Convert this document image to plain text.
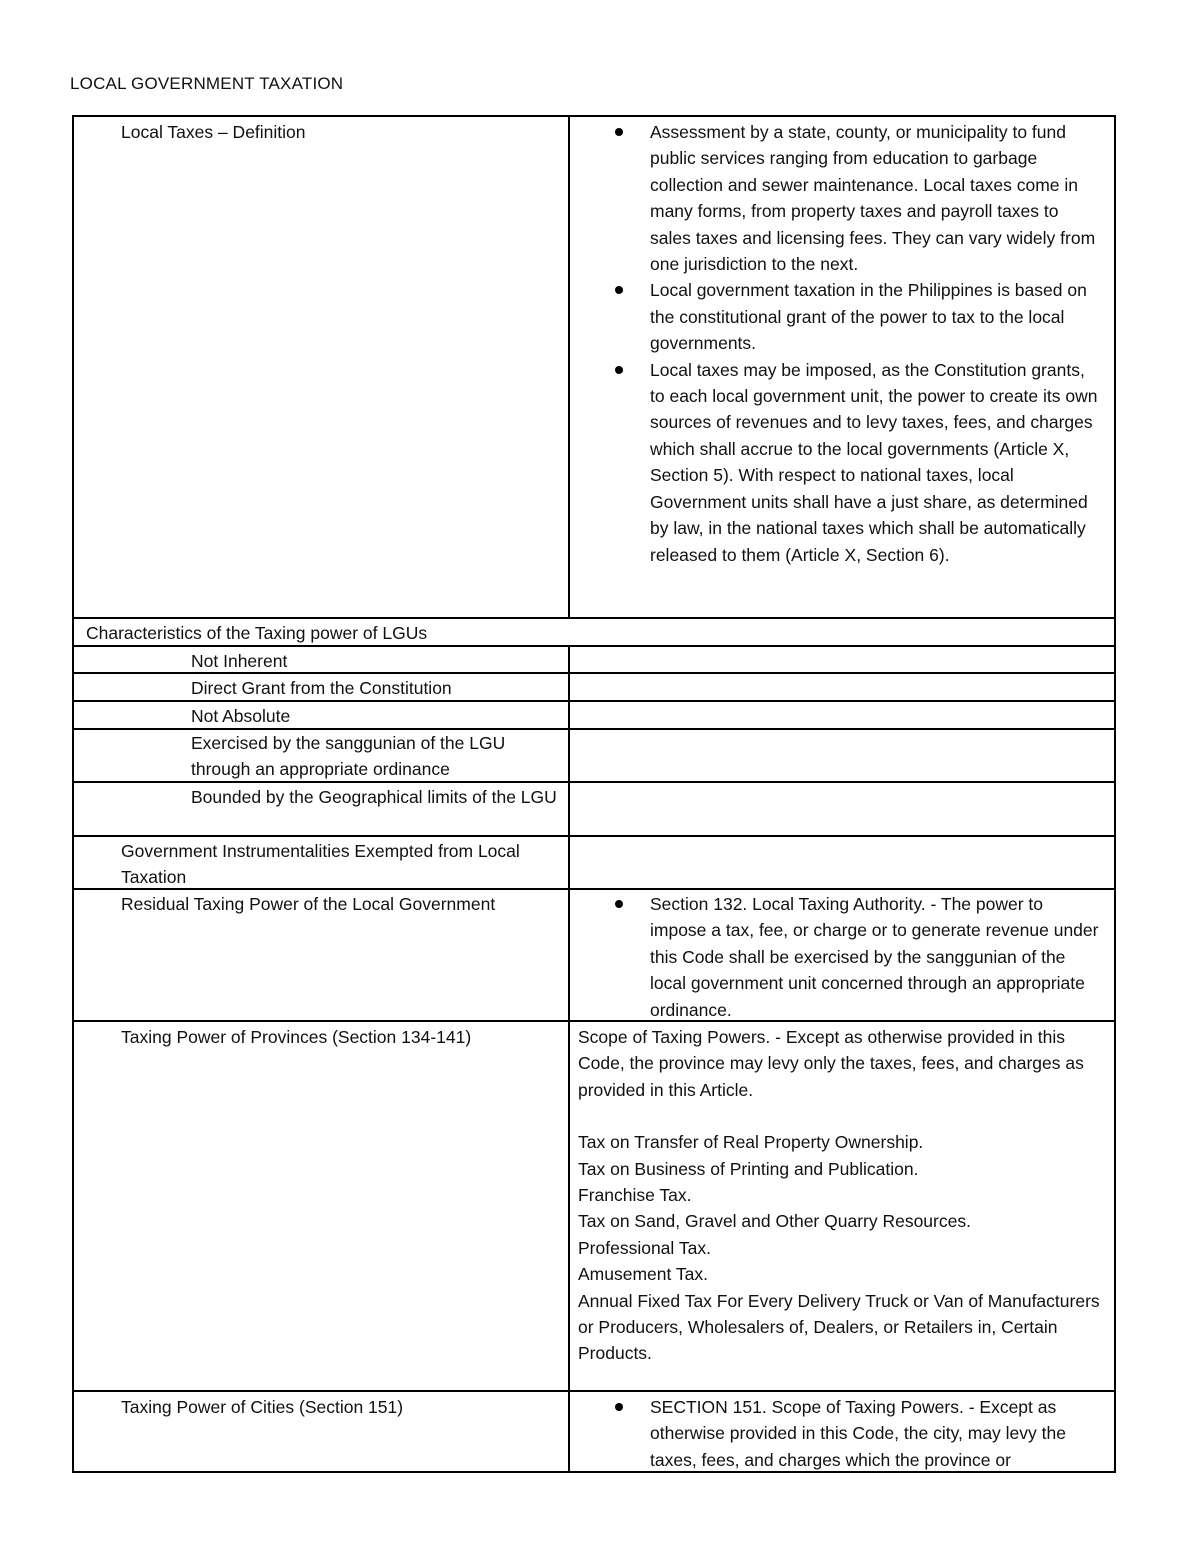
LOCAL GOVERNMENT TAXATION
Local Taxes – Definition	Assessment by a state, county, or municipality to fund public services ranging from education to garbage collection and sewer maintenance. Local taxes come in many forms, from property taxes and payroll taxes to sales taxes and licensing fees. They can vary widely from one jurisdiction to the next.
Local government taxation in the Philippines is based on the constitutional grant of the power to tax to the local governments.
Local taxes may be imposed, as the Constitution grants, to each local government unit, the power to create its own sources of revenues and to levy taxes, fees, and charges which shall accrue to the local governments (Article X, Section 5). With respect to national taxes, local Government units shall have a just share, as determined by law, in the national taxes which shall be automatically released to them (Article X, Section 6).
Characteristics of the Taxing power of LGUs
Not Inherent
Direct Grant from the Constitution
Not Absolute
Exercised by the sanggunian of the LGU through an appropriate ordinance
Bounded by the Geographical limits of the LGU
Government Instrumentalities Exempted from Local Taxation
Residual Taxing Power of the Local Government	Section 132. Local Taxing Authority. - The power to impose a tax, fee, or charge or to generate revenue under this Code shall be exercised by the sanggunian of the local government unit concerned through an appropriate ordinance.
Taxing Power of Provinces (Section 134-141)	Scope of Taxing Powers. - Except as otherwise provided in this Code, the province may levy only the taxes, fees, and charges as provided in this Article.

Tax on Transfer of Real Property Ownership.

Tax on Business of Printing and Publication.

Franchise Tax.

Tax on Sand, Gravel and Other Quarry Resources.

Professional Tax.

Amusement Tax.

Annual Fixed Tax For Every Delivery Truck or Van of Manufacturers or Producers, Wholesalers of, Dealers, or Retailers in, Certain Products.

Taxing Power of Cities (Section 151)	SECTION 151. Scope of Taxing Powers. - Except as otherwise provided in this Code, the city, may levy the taxes, fees, and charges which the province or
